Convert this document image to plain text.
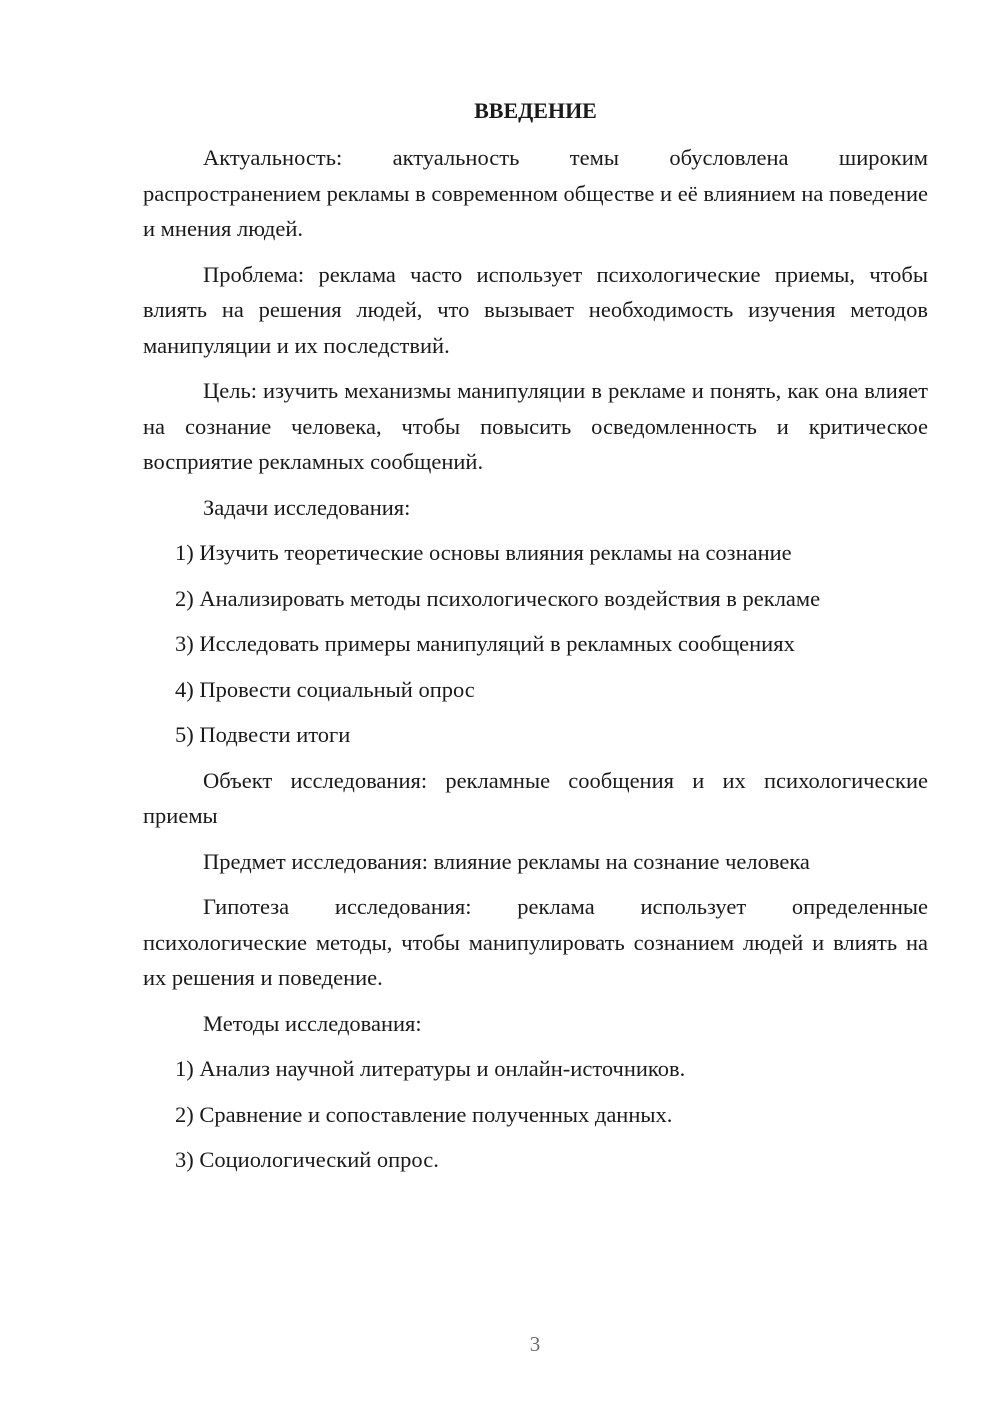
ВВЕДЕНИЕ
Актуальность: актуальность темы обусловлена широким распространением рекламы в современном обществе и её влиянием на поведение и мнения людей.
Проблема: реклама часто использует психологические приемы, чтобы влиять на решения людей, что вызывает необходимость изучения методов манипуляции и их последствий.
Цель: изучить механизмы манипуляции в рекламе и понять, как она влияет на сознание человека, чтобы повысить осведомленность и критическое восприятие рекламных сообщений.
Задачи исследования:
1) Изучить теоретические основы влияния рекламы на сознание
2) Анализировать методы психологического воздействия в рекламе
3) Исследовать примеры манипуляций в рекламных сообщениях
4) Провести социальный опрос
5) Подвести итоги
Объект исследования: рекламные сообщения и их психологические приемы
Предмет исследования: влияние рекламы на сознание человека
Гипотеза исследования: реклама использует определенные психологические методы, чтобы манипулировать сознанием людей и влиять на их решения и поведение.
Методы исследования:
1) Анализ научной литературы и онлайн-источников.
2) Сравнение и сопоставление полученных данных.
3) Социологический опрос.
3
